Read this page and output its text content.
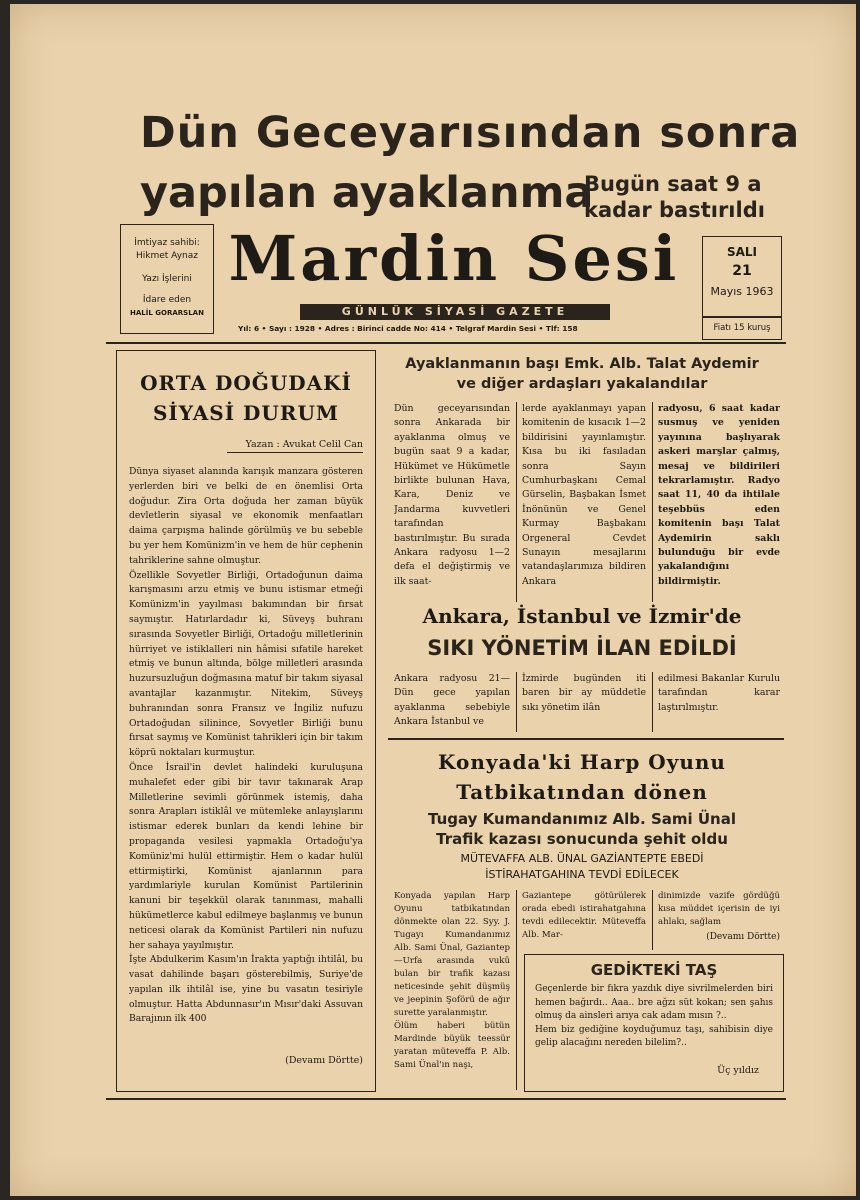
Dün Geceyarısından sonra
yapılan ayaklanma
Bugün saat 9 a
kadar bastırıldı
İmtiyaz sahibi:
Hikmet Aynaz
Yazı İşlerini
İdare eden
HALİL GORARSLAN
Mardin Sesi
GÜNLÜK SİYASİ GAZETE
Yıl: 6 • Sayı : 1928 • Adres : Birinci cadde No: 414 • Telgraf Mardin Sesi • Tlf: 158
SALI
21
Mayıs 1963
Fiatı 15 kuruş
ORTA DOĞUDAKİ
SİYASİ DURUM
Yazan : Avukat Celil Can
Dünya siyaset alanında karışık manzara gösteren yerlerden biri ve belki de en önemlisi Orta doğudur. Zira Orta doğuda her zaman büyük devletlerin siyasal ve ekonomik menfaatları daima çarpışma halinde görülmüş ve bu sebeble bu yer hem Komünizm'in ve hem de hür cephenin tahriklerine sahne olmuştur.
Özellikle Sovyetler Birliği, Ortadoğunun daima karışmasını arzu etmiş ve bunu istismar etmeği Komünizm'in yayılması bakımından bir fırsat saymıştır. Hatırlardadır ki, Süveyş buhranı sırasında Sovyetler Birliği, Ortadoğu milletlerinin hürriyet ve istiklalleri nin hâmisi sıfatile hareket etmiş ve bunun altında, bölge milletleri arasında huzursuzluğun doğmasına matuf bir takım siyasal avantajlar kazanmıştır. Nitekim, Süveyş buhranından sonra Fransız ve İngiliz nufuzu Ortadoğudan silinince, Sovyetler Birliği bunu fırsat saymış ve Komünist tahrikleri için bir takım köprü noktaları kurmuştur.
Önce İsrail'in devlet halindeki kuruluşuna muhalefet eder gibi bir tavır takınarak Arap Milletlerine sevimli görünmek istemiş, daha sonra Arapları istiklâl ve mütemleke anlayışlarını istismar ederek bunları da kendi lehine bir propaganda vesilesi yapmakla Ortadoğu'ya Komüniz'mi hulül ettirmiştir. Hem o kadar hulül ettirmiştirki, Komünist ajanlarının para yardımlariyle kurulan Komünist Partilerinin kanuni bir teşekkül olarak tanınması, mahalli hükümetlerce kabul edilmeye başlanmış ve bunun neticesi olarak da Komünist Partileri nin nufuzu her sahaya yayılmıştır.
İşte Abdulkerim Kasım'ın İrakta yaptığı ihtilâl, bu vasat dahilinde başarı gösterebilmiş, Suriye'de yapılan ilk ihtilâl ise, yine bu vasatın tesiriyle olmuştur. Hatta Abdunnasır'ın Mısır'daki Assuvan Barajının ilk 400
(Devamı Dörtte)
Ayaklanmanın başı Emk. Alb. Talat Aydemir
ve diğer ardaşları yakalandılar
Dün geceyarısından sonra Ankarada bir ayaklanma olmuş ve bugün saat 9 a kadar, Hükümet ve Hükümetle birlikte bulunan Hava, Kara, Deniz ve Jandarma kuvvetleri tarafından bastırılmıştır. Bu sırada Ankara radyosu 1—2 defa el değiştirmiş ve ilk saat-
lerde ayaklanmayı yapan komitenin de kısacık 1—2 bildirisini yayınlamıştır. Kısa bu iki fasıladan sonra Sayın Cumhurbaşkanı Cemal Gürselin, Başbakan İsmet İnönünün ve Genel Kurmay Başbakanı Orgeneral Cevdet Sunayın mesajlarını vatandaşlarımıza bildiren Ankara
radyosu, 6 saat kadar susmuş ve yeniden yayınına başlıyarak askeri marşlar çalmış, mesaj ve bildirileri tekrarlamıştır. Radyo saat 11, 40 da ihtilale teşebbüs eden komitenin başı Talat Aydemirin saklı bulunduğu bir evde yakalandığını bildirmiştir.
Ankara, İstanbul ve İzmir'de
SIKI YÖNETİM İLAN EDİLDİ
Ankara radyosu 21— Dün gece yapılan ayaklanma sebebiyle Ankara İstanbul ve
İzmirde bugünden iti baren bir ay müddetle sıkı yönetim ilân
edilmesi Bakanlar Kurulu tarafından karar laştırılmıştır.
Konyada'ki Harp Oyunu
Tatbikatından dönen
Tugay Kumandanımız Alb. Sami Ünal
Trafik kazası sonucunda şehit oldu
MÜTEVAFFA ALB. ÜNAL GAZİANTEPTE EBEDİ
İSTİRAHATGAHINA TEVDİ EDİLECEK
Konyada yapılan Harp Oyunu tatbikatından dönmekte olan 22. Syy. J. Tugayı Kumandanımız Alb. Sami Ünal, Gaziantep—Urfa arasında vukû bulan bir trafik kazası neticesinde şehit düşmüş ve jeepinin Şoförü de ağır surette yaralanmıştır.
Ölüm haberi bütün Mardinde büyük teessür yaratan müteveffa P. Alb. Sami Ünal'ın naşı,
Gaziantepe götürülerek orada ebedi istirahatgahına tevdi edilecektir. Müteveffa Alb. Mar-
dinimizde vazife gördüğü kısa müddet içerisin de iyi ahlakı, sağlam
(Devamı Dörtte)
GEDİKTEKİ TAŞ
Geçenlerde bir fıkra yazdık diye sivrilmelerden biri hemen bağırdı.. Aaa.. bre ağzı süt kokan; sen şahıs olmuş da ainsleri arıya cak adam mısın ?..
Hem biz gediğine koyduğumuz taşı, sahibisin diye gelip alacağını nereden bilelim?..
Üç yıldız
